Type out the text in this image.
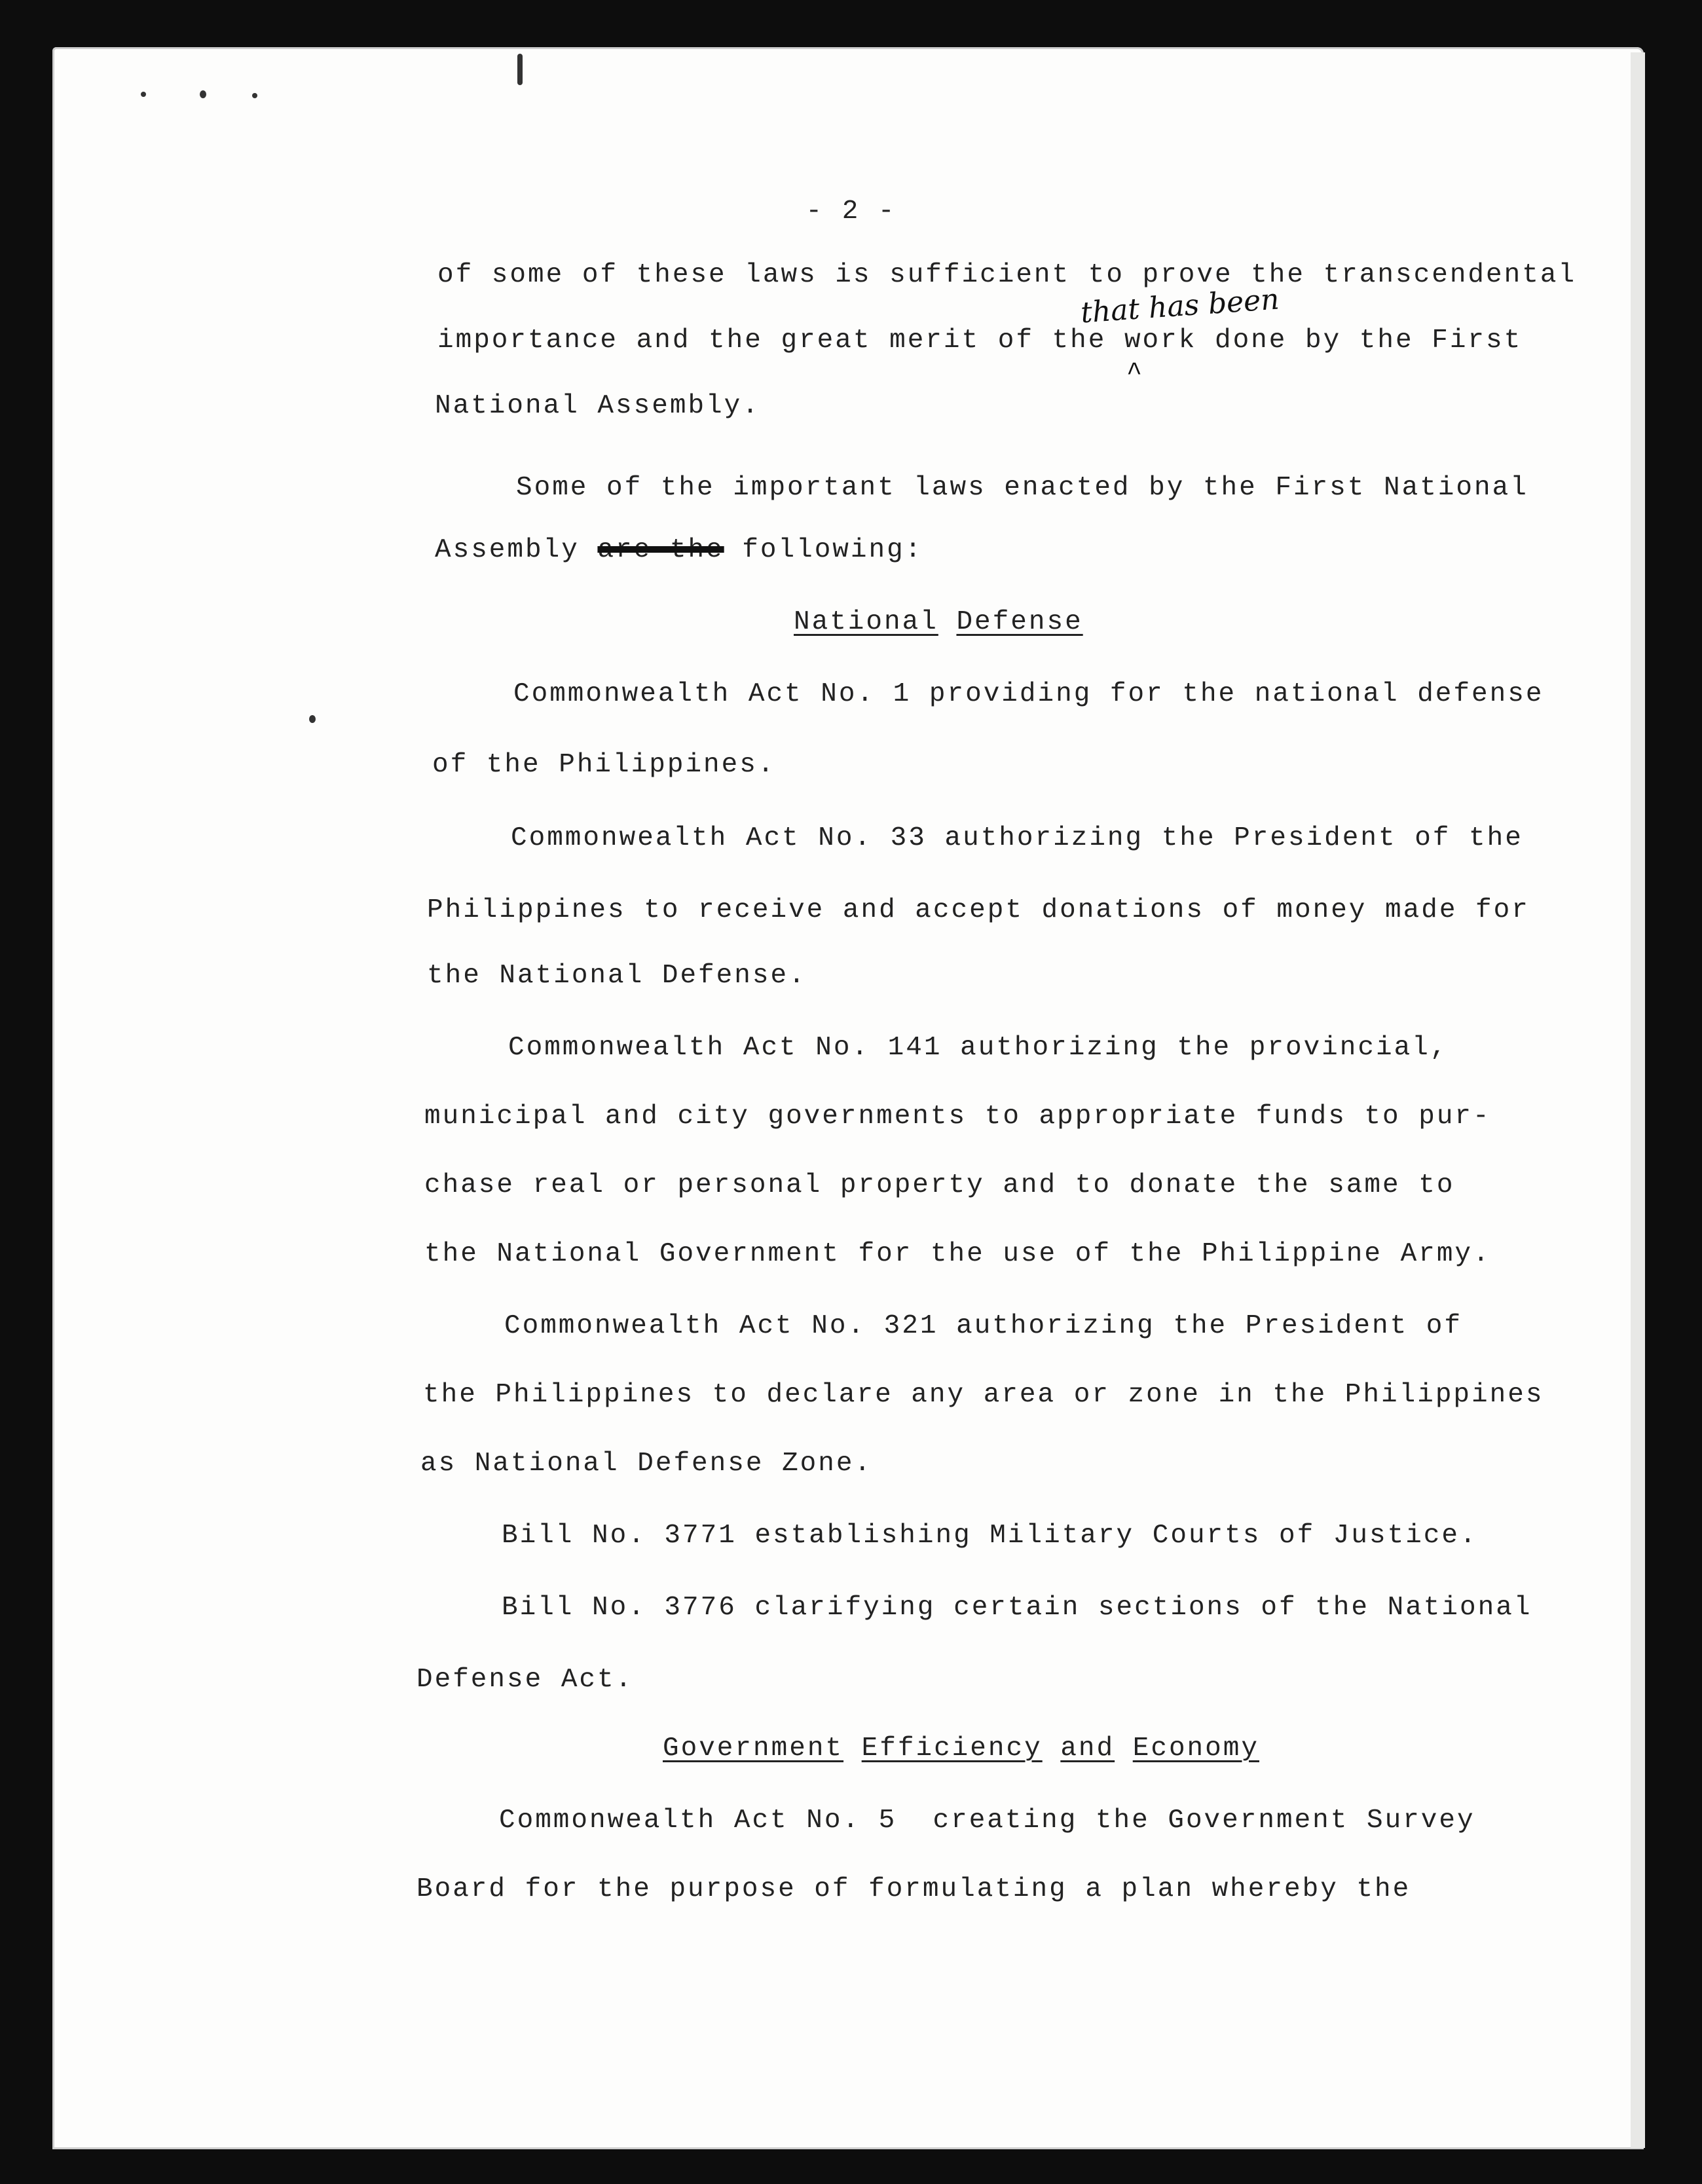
- 2 -

of some of these laws is sufficient to prove the transcendental

importance and the great merit of the work done by the First

National Assembly.

that has been
^

Some of the important laws enacted by the First National

Assembly are the following:

National Defense

Commonwealth Act No. 1 providing for the national defense

of the Philippines.

Commonwealth Act No. 33 authorizing the President of the

Philippines to receive and accept donations of money made for

the National Defense.

Commonwealth Act No. 141 authorizing the provincial,

municipal and city governments to appropriate funds to pur-

chase real or personal property and to donate the same to

the National Government for the use of the Philippine Army.

Commonwealth Act No. 321 authorizing the President of

the Philippines to declare any area or zone in the Philippines

as National Defense Zone.

Bill No. 3771 establishing Military Courts of Justice.

Bill No. 3776 clarifying certain sections of the National

Defense Act.

Government Efficiency and Economy

Commonwealth Act No. 5  creating the Government Survey

Board for the purpose of formulating a plan whereby the
